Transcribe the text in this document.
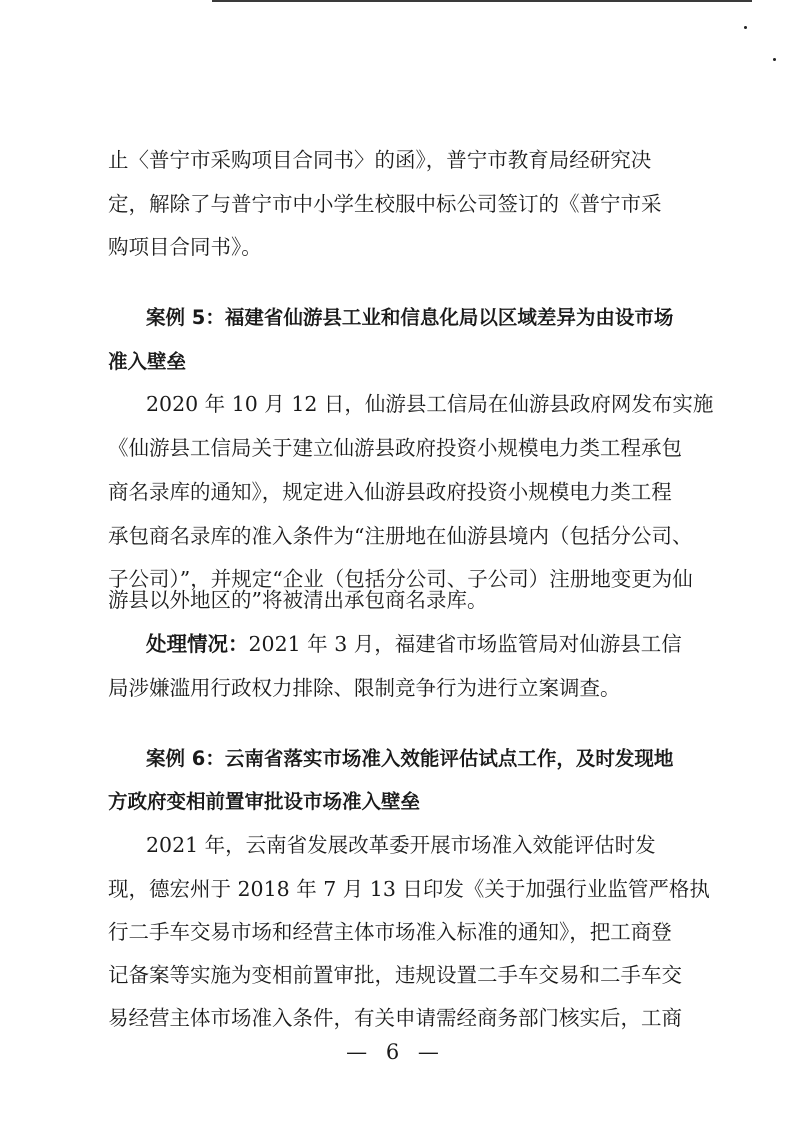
止〈普宁市采购项目合同书〉的函》，普宁市教育局经研究决
定，解除了与普宁市中小学生校服中标公司签订的《普宁市采
购项目合同书》。
案例 5：福建省仙游县工业和信息化局以区域差异为由设市场
准入壁垒
2020 年 10 月 12 日，仙游县工信局在仙游县政府网发布实施
《仙游县工信局关于建立仙游县政府投资小规模电力类工程承包
商名录库的通知》，规定进入仙游县政府投资小规模电力类工程
承包商名录库的准入条件为“注册地在仙游县境内（包括分公司、
子公司）”，并规定“企业（包括分公司、子公司）注册地变更为仙
游县以外地区的”将被清出承包商名录库。
处理情况：2021 年 3 月，福建省市场监管局对仙游县工信
局涉嫌滥用行政权力排除、限制竞争行为进行立案调查。
案例 6：云南省落实市场准入效能评估试点工作，及时发现地
方政府变相前置审批设市场准入壁垒
2021 年，云南省发展改革委开展市场准入效能评估时发
现，德宏州于 2018 年 7 月 13 日印发《关于加强行业监管严格执
行二手车交易市场和经营主体市场准入标准的通知》，把工商登
记备案等实施为变相前置审批，违规设置二手车交易和二手车交
易经营主体市场准入条件，有关申请需经商务部门核实后，工商
— 6 —
